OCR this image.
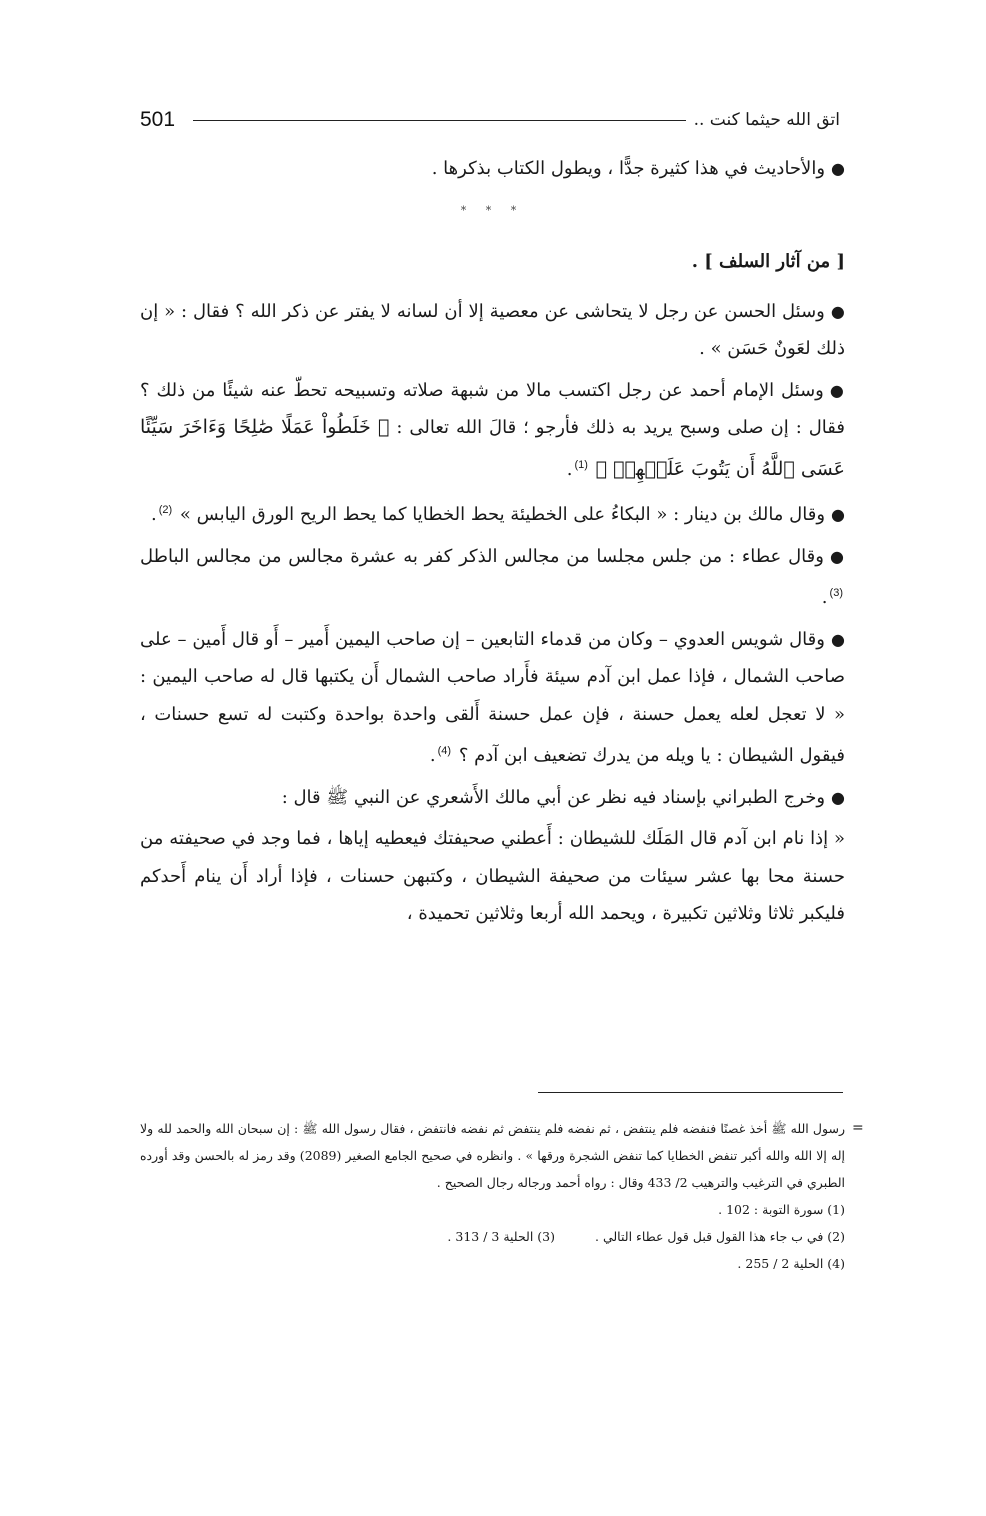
501	اتق الله حيثما كنت ..

●والأحاديث في هذا كثيرة جدًّا ، ويطول الكتاب بذكرها .

* * *

[ من آثار السلف ] .

●وسئل الحسن عن رجل لا يتحاشى عن معصية إلا أن لسانه لا يفتر عن ذكر الله ؟ فقال : « إن ذلك لعَونٌ حَسَن » .

●وسئل الإمام أحمد عن رجل اكتسب مالا من شبهة صلاته وتسبيحه تحطّ عنه شيئًا من ذلك ؟ فقال : إن صلى وسبح يريد به ذلك فأرجو ؛ قالَ الله تعالى : ﴿ خَلَطُواْ عَمَلًا صَٰلِحًا وَءَاخَرَ سَيِّئًا عَسَى ٱللَّهُ أَن يَتُوبَ عَلَيۡهِمۡ ﴾ $^{(1)}$.

●وقال مالك بن دينار : « البكاءُ على الخطيئة يحط الخطايا كما يحط الريح الورق اليابس » $^{(2)}$.

●وقال عطاء : من جلس مجلسا من مجالس الذكر كفر به عشرة مجالس من مجالس الباطل $^{(3)}$.

●وقال شويس العدوي – وكان من قدماء التابعين – إن صاحب اليمين أَمير – أَو قال أَمين – على صاحب الشمال ، فإذا عمل ابن آدم سيئة فأَراد صاحب الشمال أَن يكتبها قال له صاحب اليمين : « لا تعجل لعله يعمل حسنة ، فإن عمل حسنة أَلقى واحدة بواحدة وكتبت له تسع حسنات ، فيقول الشيطان : يا ويله من يدرك تضعيف ابن آدم ؟ $^{(4)}$.

●وخرج الطبراني بإسناد فيه نظر عن أبي مالك الأَشعري عن النبي ﷺ قال :

« إذا نام ابن آدم قال المَلَك للشيطان : أَعطني صحيفتك فيعطيه إياها ، فما وجد في صحيفته من حسنة محا بها عشر سيئات من صحيفة الشيطان ، وكتبهن حسنات ، فإذا أراد أَن ينام أَحدكم فليكبر ثلاثا وثلاثين تكبيرة ، ويحمد الله أربعا وثلاثين تحميدة ،

=

رسول الله ﷺ أخذ غصنًا فنفضه فلم ينتفض ، ثم نفضه فلم ينتفض ثم نفضه فانتفض ، فقال رسول الله ﷺ : إن سبحان الله والحمد لله ولا إله إلا الله والله أكبر تنفض الخطايا كما تنفض الشجرة ورقها » . وانظره في صحيح الجامع الصغير (2089) وقد رمز له بالحسن وقد أورده الطبري في الترغيب والترهيب 2/ 433 وقال : رواه أحمد ورجاله رجال الصحيح .

(1) سورة التوبة : 102 .

(2) في ب جاء هذا القول قبل قول عطاء التالي .
(3) الحلية 3 / 313 .

(4) الحلية 2 / 255 .
